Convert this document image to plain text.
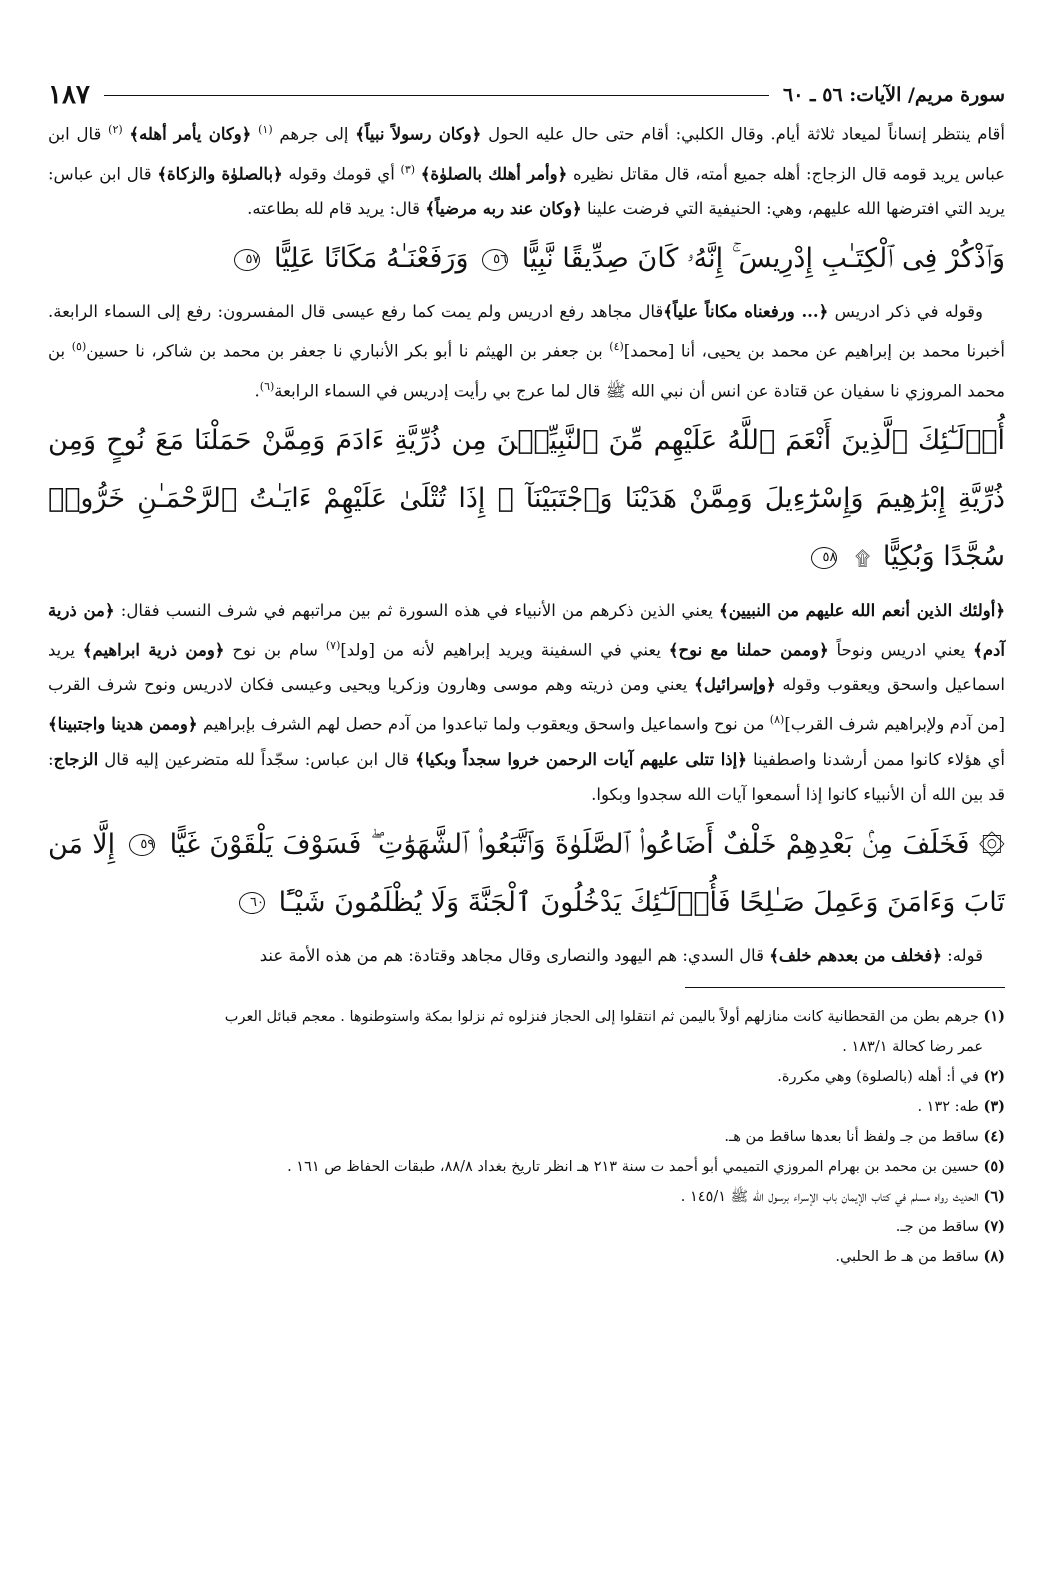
سورة مريم/ الآيات: ٥٦ ـ ٦٠
١٨٧

أقام ينتظر إنساناً لميعاد ثلاثة أيام. وقال الكلبي: أقام حتى حال عليه الحول ﴿وكان رسولاً نبياً﴾ إلى جرهم $^{(١)}$ ﴿وكان يأمر أهله﴾ $^{(٢)}$ قال ابن عباس يريد قومه قال الزجاج: أهله جميع أمته، قال مقاتل نظيره ﴿وأمر أهلك بالصلوٰة﴾ $^{(٣)}$ أي قومك وقوله ﴿بالصلوٰة والزكاة﴾ قال ابن عباس: يريد التي افترضها الله عليهم، وهي: الحنيفية التي فرضت علينا ﴿وكان عند ربه مرضياً﴾ قال: يريد قام لله بطاعته.

وَٱذْكُرْ فِى ٱلْكِتَـٰبِ إِدْرِيسَ ۚ إِنَّهُۥ كَانَ صِدِّيقًا نَّبِيًّا ٥٦ وَرَفَعْنَـٰهُ مَكَانًا عَلِيًّا ٥٧

وقوله في ذكر ادريس ﴿... ورفعناه مكاناً علياً﴾قال مجاهد رفع ادريس ولم يمت كما رفع عيسى قال المفسرون: رفع إلى السماء الرابعة. أخبرنا محمد بن إبراهيم عن محمد بن يحيى، أنا [محمد]$^{(٤)}$ بن جعفر بن الهيثم نا أبو بكر الأنباري نا جعفر بن محمد بن شاكر، نا حسين$^{(٥)}$ بن محمد المروزي نا سفيان عن قتادة عن انس أن نبي الله ﷺ قال لما عرج بي رأيت إدريس في السماء الرابعة$^{(٦)}$.

أُو۟لَـٰٓئِكَ ٱلَّذِينَ أَنْعَمَ ٱللَّهُ عَلَيْهِم مِّنَ ٱلنَّبِيِّـۧنَ مِن ذُرِّيَّةِ ءَادَمَ وَمِمَّنْ حَمَلْنَا مَعَ نُوحٍ وَمِن ذُرِّيَّةِ إِبْرَٰهِيمَ وَإِسْرَٰٓءِيلَ وَمِمَّنْ هَدَيْنَا وَٱجْتَبَيْنَآ ۚ إِذَا تُتْلَىٰ عَلَيْهِمْ ءَايَـٰتُ ٱلرَّحْمَـٰنِ خَرُّوا۟ سُجَّدًا وَبُكِيًّا ۩ ٥٨

﴿أولئك الذين أنعم الله عليهم من النبيين﴾ يعني الذين ذكرهم من الأنبياء في هذه السورة ثم بين مراتبهم في شرف النسب فقال: ﴿من ذرية آدم﴾ يعني ادريس ونوحاً ﴿وممن حملنا مع نوح﴾ يعني في السفينة ويريد إبراهيم لأنه من [ولد]$^{(٧)}$ سام بن نوح ﴿ومن ذرية ابراهيم﴾ يريد اسماعيل واسحق ويعقوب وقوله ﴿وإسرائيل﴾ يعني ومن ذريته وهم موسى وهارون وزكريا ويحيى وعيسى فكان لادريس ونوح شرف القرب [من آدم ولإبراهيم شرف القرب]$^{(٨)}$ من نوح واسماعيل واسحق ويعقوب ولما تباعدوا من آدم حصل لهم الشرف بإبراهيم ﴿وممن هدينا واجتبينا﴾ أي هؤلاء كانوا ممن أرشدنا واصطفينا ﴿إذا تتلى عليهم آيات الرحمن خروا سجداً وبكيا﴾ قال ابن عباس: سجّداً لله متضرعين إليه قال الزجاج: قد بين الله أن الأنبياء كانوا إذا أسمعوا آيات الله سجدوا وبكوا.

۞ فَخَلَفَ مِنۢ بَعْدِهِمْ خَلْفٌ أَضَاعُوا۟ ٱلصَّلَوٰةَ وَٱتَّبَعُوا۟ ٱلشَّهَوَٰتِ ۖ فَسَوْفَ يَلْقَوْنَ غَيًّا ٥٩ إِلَّا مَن تَابَ وَءَامَنَ وَعَمِلَ صَـٰلِحًا فَأُو۟لَـٰٓئِكَ يَدْخُلُونَ ٱلْجَنَّةَ وَلَا يُظْلَمُونَ شَيْـًٔا ٦٠

قوله: ﴿فخلف من بعدهم خلف﴾ قال السدي: هم اليهود والنصارى وقال مجاهد وقتادة: هم من هذه الأمة عند

(١) جرهم بطن من القحطانية كانت منازلهم أولاً باليمن ثم انتقلوا إلى الحجاز فنزلوه ثم نزلوا بمكة واستوطنوها . معجم قبائل العرب
عمر رضا كحالة ١٨٣/١ .

(٢) في أ: أهله (بالصلوة) وهي مكررة.

(٣) طه: ١٣٢ .

(٤) ساقط من جـ ولفظ أنا بعدها ساقط من هـ.

(٥) حسين بن محمد بن بهرام المروزي التميمي أبو أحمد ت سنة ٢١٣ هـ انظر تاريخ بغداد ٨٨/٨، طبقات الحفاظ ص ١٦١ .

(٦) الحديث رواه مسلم في كتاب الإيمان باب الإسراء برسول الله ﷺ ١٤٥/١ .

(٧) ساقط من جـ.

(٨) ساقط من هـ ط الحلبي.
